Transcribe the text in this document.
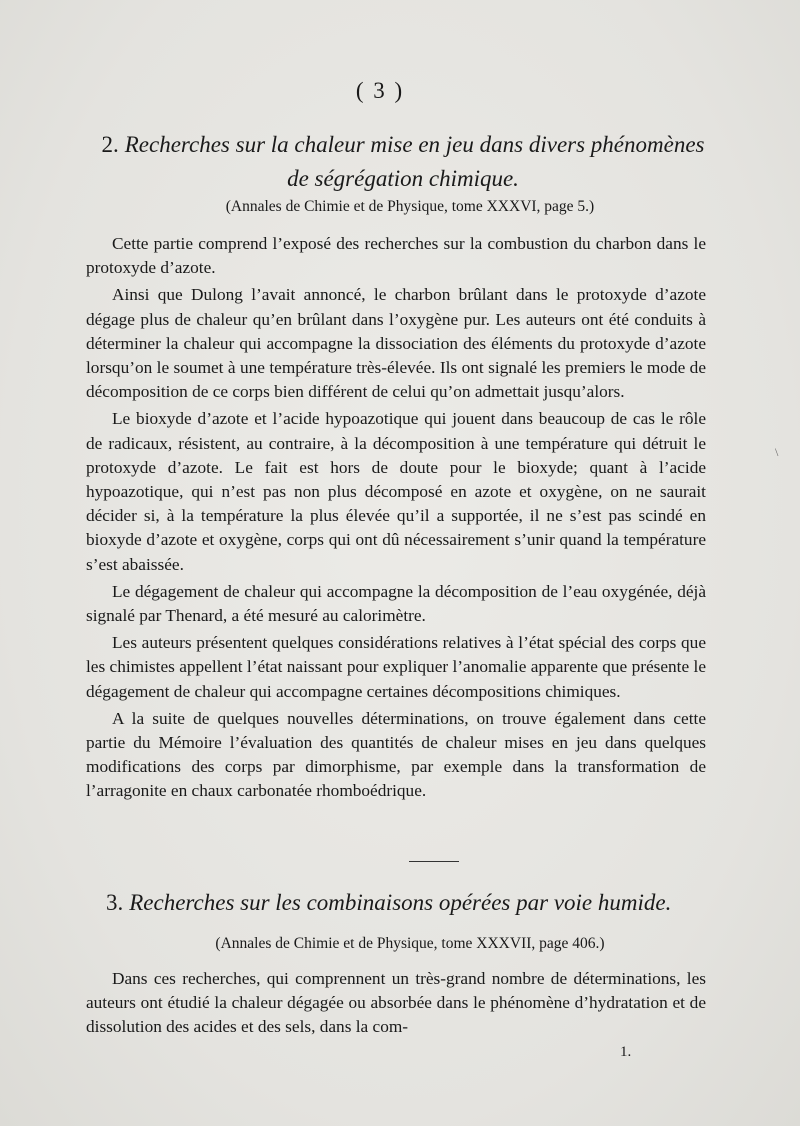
( 3 )
2. Recherches sur la chaleur mise en jeu dans divers phénomènes
de ségrégation chimique.
(Annales de Chimie et de Physique, tome XXXVI, page 5.)

Cette partie comprend l’exposé des recherches sur la combustion du charbon dans le protoxyde d’azote.

Ainsi que Dulong l’avait annoncé, le charbon brûlant dans le protoxyde d’azote dégage plus de chaleur qu’en brûlant dans l’oxygène pur. Les auteurs ont été conduits à déterminer la chaleur qui accompagne la dissociation des éléments du protoxyde d’azote lorsqu’on le soumet à une température très-élevée. Ils ont signalé les premiers le mode de décomposition de ce corps bien différent de celui qu’on admettait jusqu’alors.

Le bioxyde d’azote et l’acide hypoazotique qui jouent dans beaucoup de cas le rôle de radicaux, résistent, au contraire, à la décomposition à une température qui détruit le protoxyde d’azote. Le fait est hors de doute pour le bioxyde; quant à l’acide hypoazotique, qui n’est pas non plus décomposé en azote et oxygène, on ne saurait décider si, à la température la plus élevée qu’il a supportée, il ne s’est pas scindé en bioxyde d’azote et oxygène, corps qui ont dû nécessairement s’unir quand la température s’est abaissée.

Le dégagement de chaleur qui accompagne la décomposition de l’eau oxygénée, déjà signalé par Thenard, a été mesuré au calorimètre.

Les auteurs présentent quelques considérations relatives à l’état spécial des corps que les chimistes appellent l’état naissant pour expliquer l’anomalie apparente que présente le dégagement de chaleur qui accompagne certaines décompositions chimiques.

A la suite de quelques nouvelles déterminations, on trouve également dans cette partie du Mémoire l’évaluation des quantités de chaleur mises en jeu dans quelques modifications des corps par dimorphisme, par exemple dans la transformation de l’arragonite en chaux carbonatée rhomboédrique.

3. Recherches sur les combinaisons opérées par voie humide.
(Annales de Chimie et de Physique, tome XXXVII, page 406.)

Dans ces recherches, qui comprennent un très-grand nombre de déterminations, les auteurs ont étudié la chaleur dégagée ou absorbée dans le phénomène d’hydratation et de dissolution des acides et des sels, dans la com-

1.
\
